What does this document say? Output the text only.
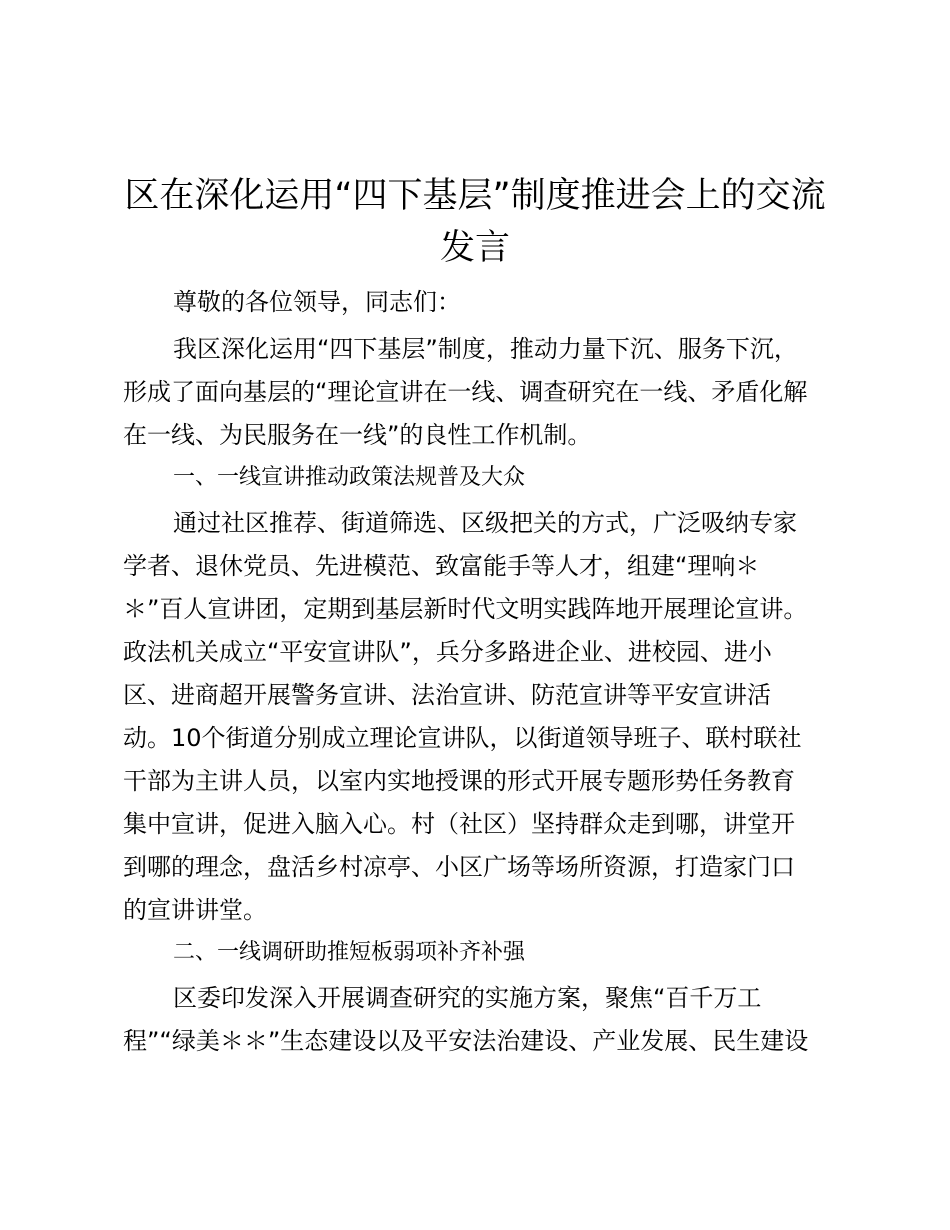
区在深化运用“四下基层”制度推进会上的交流
发言
尊敬的各位领导，同志们：
我区深化运用“四下基层”制度，推动力量下沉、服务下沉，
形成了面向基层的“理论宣讲在一线、调查研究在一线、矛盾化解
在一线、为民服务在一线”的良性工作机制。
一、一线宣讲推动政策法规普及大众
通过社区推荐、街道筛选、区级把关的方式，广泛吸纳专家
学者、退休党员、先进模范、致富能手等人才，组建“理响＊
＊”百人宣讲团，定期到基层新时代文明实践阵地开展理论宣讲。
政法机关成立“平安宣讲队”，兵分多路进企业、进校园、进小
区、进商超开展警务宣讲、法治宣讲、防范宣讲等平安宣讲活
动。10个街道分别成立理论宣讲队，以街道领导班子、联村联社
干部为主讲人员，以室内实地授课的形式开展专题形势任务教育
集中宣讲，促进入脑入心。村（社区）坚持群众走到哪，讲堂开
到哪的理念，盘活乡村凉亭、小区广场等场所资源，打造家门口
的宣讲讲堂。
二、一线调研助推短板弱项补齐补强
区委印发深入开展调查研究的实施方案，聚焦“百千万工
程”“绿美＊＊”生态建设以及平安法治建设、产业发展、民生建设
